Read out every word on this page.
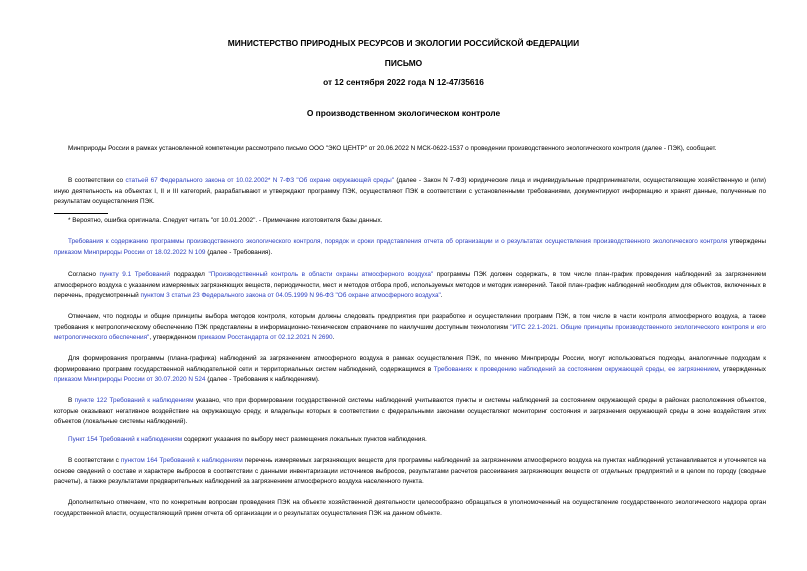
МИНИСТЕРСТВО ПРИРОДНЫХ РЕСУРСОВ И ЭКОЛОГИИ РОССИЙСКОЙ ФЕДЕРАЦИИ
ПИСЬМО
от 12 сентября 2022 года N 12-47/35616
О производственном экологическом контроле
Минприроды России в рамках установленной компетенции рассмотрело письмо ООО "ЭКО ЦЕНТР" от 20.06.2022 N МСК-0622-1537 о проведении производственного экологического контроля (далее - ПЭК), сообщает.
В соответствии со статьей 67 Федерального закона от 10.02.2002* N 7-ФЗ "Об охране окружающей среды" (далее - Закон N 7-ФЗ) юридические лица и индивидуальные предприниматели, осуществляющие хозяйственную и (или) иную деятельность на объектах I, II и III категорий, разрабатывают и утверждают программу ПЭК, осуществляют ПЭК в соответствии с установленными требованиями, документируют информацию и хранят данные, полученные по результатам осуществления ПЭК.
* Вероятно, ошибка оригинала. Следует читать "от 10.01.2002". - Примечание изготовителя базы данных.
Требования к содержанию программы производственного экологического контроля, порядок и сроки представления отчета об организации и о результатах осуществления производственного экологического контроля утверждены приказом Минприроды России от 18.02.2022 N 109 (далее - Требования).
Согласно пункту 9.1 Требований подраздел "Производственный контроль в области охраны атмосферного воздуха" программы ПЭК должен содержать, в том числе план-график проведения наблюдений за загрязнением атмосферного воздуха с указанием измеряемых загрязняющих веществ, периодичности, мест и методов отбора проб, используемых методов и методик измерений. Такой план-график наблюдений необходим для объектов, включенных в перечень, предусмотренный пунктом 3 статьи 23 Федерального закона от 04.05.1999 N 96-ФЗ "Об охране атмосферного воздуха".
Отмечаем, что подходы и общие принципы выбора методов контроля, которым должны следовать предприятия при разработке и осуществлении программ ПЭК, в том числе в части контроля атмосферного воздуха, а также требования к метрологическому обеспечению ПЭК представлены в информационно-техническом справочнике по наилучшим доступным технологиям "ИТС 22.1-2021. Общие принципы производственного экологического контроля и его метрологического обеспечения", утвержденном приказом Росстандарта от 02.12.2021 N 2690.
Для формирования программы (плана-графика) наблюдений за загрязнением атмосферного воздуха в рамках осуществления ПЭК, по мнению Минприроды России, могут использоваться подходы, аналогичные подходам к формированию программ государственной наблюдательной сети и территориальных систем наблюдений, содержащимся в Требованиях к проведению наблюдений за состоянием окружающей среды, ее загрязнением, утвержденных приказом Минприроды России от 30.07.2020 N 524 (далее - Требования к наблюдениям).
В пункте 122 Требований к наблюдениям указано, что при формировании государственной системы наблюдений учитываются пункты и системы наблюдений за состоянием окружающей среды в районах расположения объектов, которые оказывают негативное воздействие на окружающую среду, и владельцы которых в соответствии с федеральными законами осуществляют мониторинг состояния и загрязнения окружающей среды в зоне воздействия этих объектов (локальные системы наблюдений).
Пункт 154 Требований к наблюдениям содержит указания по выбору мест размещения локальных пунктов наблюдения.
В соответствии с пунктом 164 Требований к наблюдениям перечень измеряемых загрязняющих веществ для программы наблюдений за загрязнением атмосферного воздуха на пунктах наблюдений устанавливается и уточняется на основе сведений о составе и характере выбросов в соответствии с данными инвентаризации источников выбросов, результатами расчетов рассеивания загрязняющих веществ от отдельных предприятий и в целом по городу (сводные расчеты), а также результатами предварительных наблюдений за загрязнением атмосферного воздуха населенного пункта.
Дополнительно отмечаем, что по конкретным вопросам проведения ПЭК на объекте хозяйственной деятельности целесообразно обращаться в уполномоченный на осуществление государственного экологического надзора орган государственной власти, осуществляющий прием отчета об организации и о результатах осуществления ПЭК на данном объекте.
